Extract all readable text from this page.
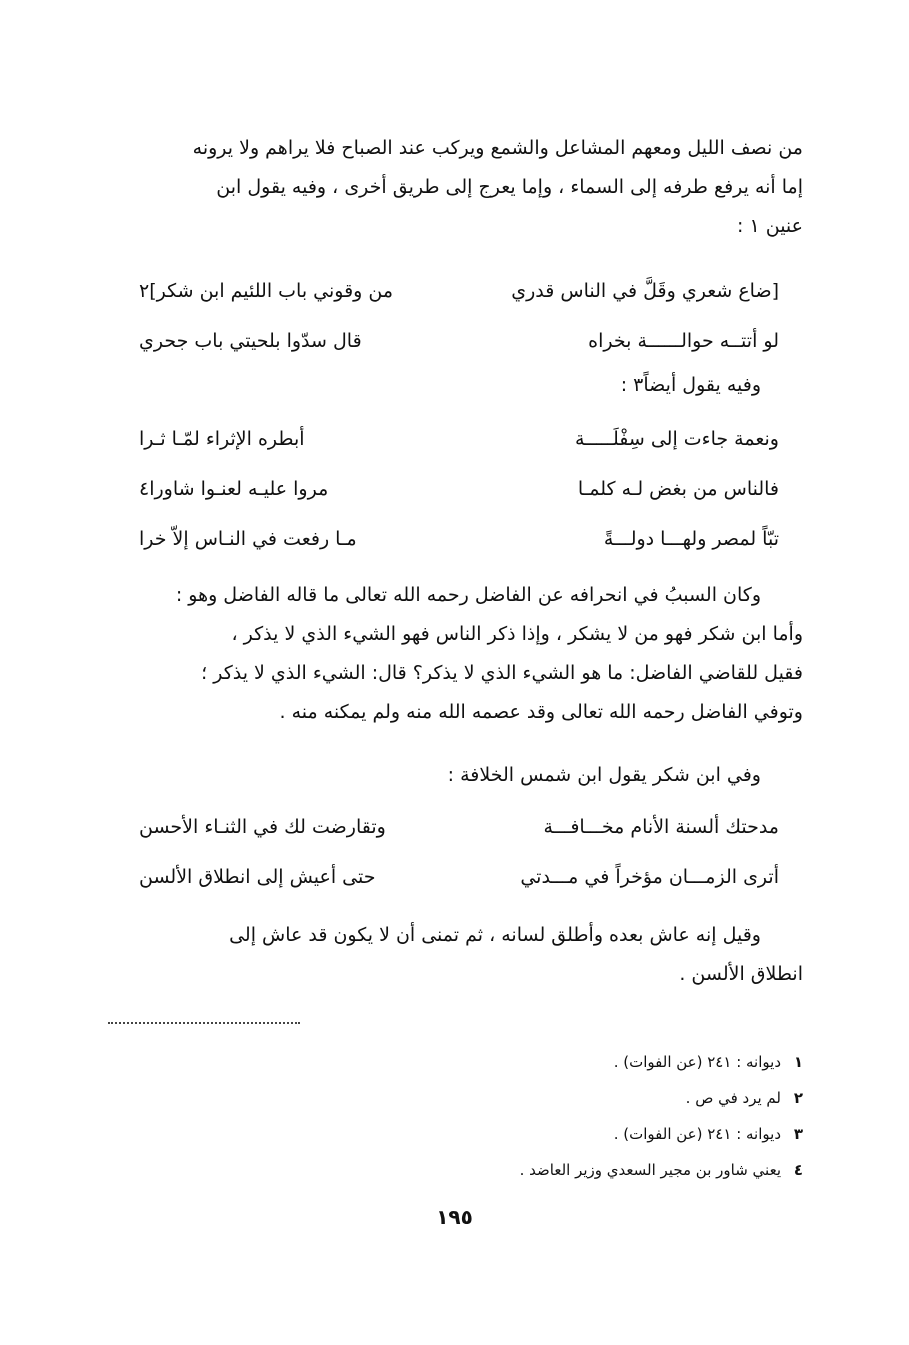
من نصف الليل ومعهم المشاعل والشمع ويركب عند الصباح فلا يراهم ولا يرونه
إما أنه يرفع طرفه إلى السماء ، وإما يعرج إلى طريق أخرى ، وفيه يقول ابن
عنين ١ :
[ضاع شعري وقَلَّ في الناس قدري
من وقوني باب اللئيم ابن شكر]٢
لو أتتــه حوالــــــة بخراه
قال سدّوا بلحيتي باب جحري
وفيه يقول أيضاً٣ :
ونعمة جاءت إلى سِفْلَـــــة
أبطره الإثراء لمّـا ثـرا
فالناس من بغض لـه كلمـا
مروا عليـه لعنـوا شاورا٤
تبّاً لمصر ولهـــا دولـــةً
مـا رفعت في النـاس إلاّ خرا
وكان السببُ في انحرافه عن الفاضل رحمه الله تعالى ما قاله الفاضل وهو :
وأما ابن شكر فهو من لا يشكر ، وإذا ذكر الناس فهو الشيء الذي لا يذكر ،
فقيل للقاضي الفاضل: ما هو الشيء الذي لا يذكر؟ قال: الشيء الذي لا يذكر ؛
وتوفي الفاضل رحمه الله تعالى وقد عصمه الله منه ولم يمكنه منه .
وفي ابن شكر يقول ابن شمس الخلافة :
مدحتك ألسنة الأنام مخـــافـــة
وتقارضت لك في الثنـاء الأحسن
أترى الزمـــان مؤخراً في مـــدتي
حتى أعيش إلى انطلاق الألسن
وقيل إنه عاش بعده وأطلق لسانه ، ثم تمنى أن لا يكون قد عاش إلى
انطلاق الألسن .
١ديوانه : ٢٤١ (عن الفوات) .
٢لم يرد في ص .
٣ديوانه : ٢٤١ (عن الفوات) .
٤يعني شاور بن مجير السعدي وزير العاضد .
١٩٥
